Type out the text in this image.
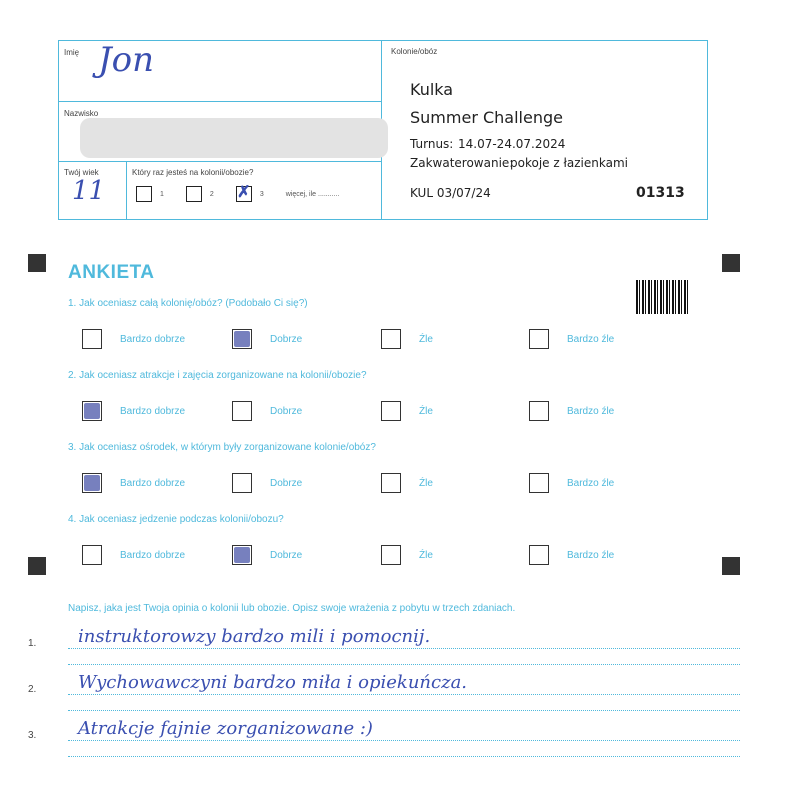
Imię Jon
Nazwisko
Twój wiek
11
Który raz jesteś na kolonii/obozie?
1	2 ✗	3	więcej, ile ...........
Kolonie/obóz
Kulka
Summer Challenge
Turnus: 14.07-24.07.2024
Zakwaterowanie:
pokoje z łazienkami
KUL 03/07/24	01313
ANKIETA
1. Jak oceniasz całą kolonię/obóz? (Podobało Ci się?)
Bardzo dobrze	Dobrze	Źle	Bardzo źle
2. Jak oceniasz atrakcje i zajęcia zorganizowane na kolonii/obozie?
Bardzo dobrze	Dobrze	Źle	Bardzo źle
3. Jak oceniasz ośrodek, w którym były zorganizowane kolonie/obóz?
Bardzo dobrze	Dobrze	Źle	Bardzo źle
4. Jak oceniasz jedzenie podczas kolonii/obozu?
Bardzo dobrze	Dobrze	Źle	Bardzo źle
Napisz, jaka jest Twoja opinia o kolonii lub obozie. Opisz swoje wrażenia z pobytu w trzech zdaniach.
1. instruktorowzy bardzo mili i pomocnij.
2. Wychowawczyni bardzo miła i opiekuńcza.
3. Atrakcje fajnie zorganizowane :)
